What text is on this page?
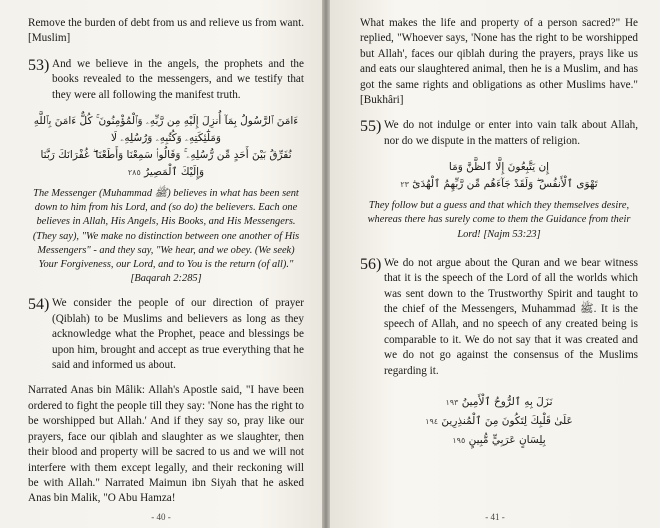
Remove the burden of debt from us and relieve us from want. [Muslim]

53) And we believe in the angels, the prophets and the books revealed to the messengers, and we testify that they were all following the manifest truth.

ءَامَنَ ٱلرَّسُولُ بِمَآ أُنزِلَ إِلَيْهِ مِن رَّبِّهِۦ وَٱلْمُؤْمِنُونَ ۚ كُلٌّ ءَامَنَ بِٱللَّهِ وَمَلَٰٓئِكَتِهِۦ وَكُتُبِهِۦ وَرُسُلِهِۦ لَا
نُفَرِّقُ بَيْنَ أَحَدٍ مِّن رُّسُلِهِۦ ۚ وَقَالُوا۟ سَمِعْنَا وَأَطَعْنَا ۖ غُفْرَانَكَ رَبَّنَا وَإِلَيْكَ ٱلْمَصِيرُ ٢٨٥

The Messenger (Muhammad ﷺ) believes in what has been sent down to him from his Lord, and (so do) the believers. Each one believes in Allah, His Angels, His Books, and His Messengers. (They say), "We make no distinction between one another of His Messengers" - and they say, "We hear, and we obey. (We seek) Your Forgiveness, our Lord, and to You is the return (of all)." [Baqarah 2:285]

54) We consider the people of our direction of prayer (Qiblah) to be Muslims and believers as long as they acknowledge what the Prophet, peace and blessings be upon him, brought and accept as true everything that he said and informed us about.

Narrated Anas bin Mâlik: Allah's Apostle said, "I have been ordered to fight the people till they say: 'None has the right to be worshipped but Allah.' And if they say so, pray like our prayers, face our qiblah and slaughter as we slaughter, then their blood and property will be sacred to us and we will not interfere with them except legally, and their reckoning will be with Allah." Narrated Maimun ibn Siyah that he asked Anas bin Malik, "O Abu Hamza!

- 40 -

What makes the life and property of a person sacred?" He replied, "Whoever says, 'None has the right to be worshipped but Allah', faces our qiblah during the prayers, prays like us and eats our slaughtered animal, then he is a Muslim, and has got the same rights and obligations as other Muslims have." [Bukhâri]

55) We do not indulge or enter into vain talk about Allah, nor do we dispute in the matters of religion.

إِن يَتَّبِعُونَ إِلَّا ٱلظَّنَّ وَمَا
تَهْوَى ٱلْأَنفُسُ ۖ وَلَقَدْ جَآءَهُم مِّن رَّبِّهِمُ ٱلْهُدَىٰٓ ٢٣

They follow but a guess and that which they themselves desire, whereas there has surely come to them the Guidance from their Lord! [Najm 53:23]

56) We do not argue about the Quran and we bear witness that it is the speech of the Lord of all the worlds which was sent down to the Trustworthy Spirit and taught to the chief of the Messengers, Muhammad ﷺ. It is the speech of Allah, and no speech of any created being is comparable to it. We do not say that it was created and we do not go against the consensus of the Muslims regarding it.

نَزَلَ بِهِ ٱلرُّوحُ ٱلْأَمِينُ ١٩٣
عَلَىٰ قَلْبِكَ لِتَكُونَ مِنَ ٱلْمُنذِرِينَ ١٩٤
بِلِسَانٍ عَرَبِيٍّ مُّبِينٍ ١٩٥
- 41 -
